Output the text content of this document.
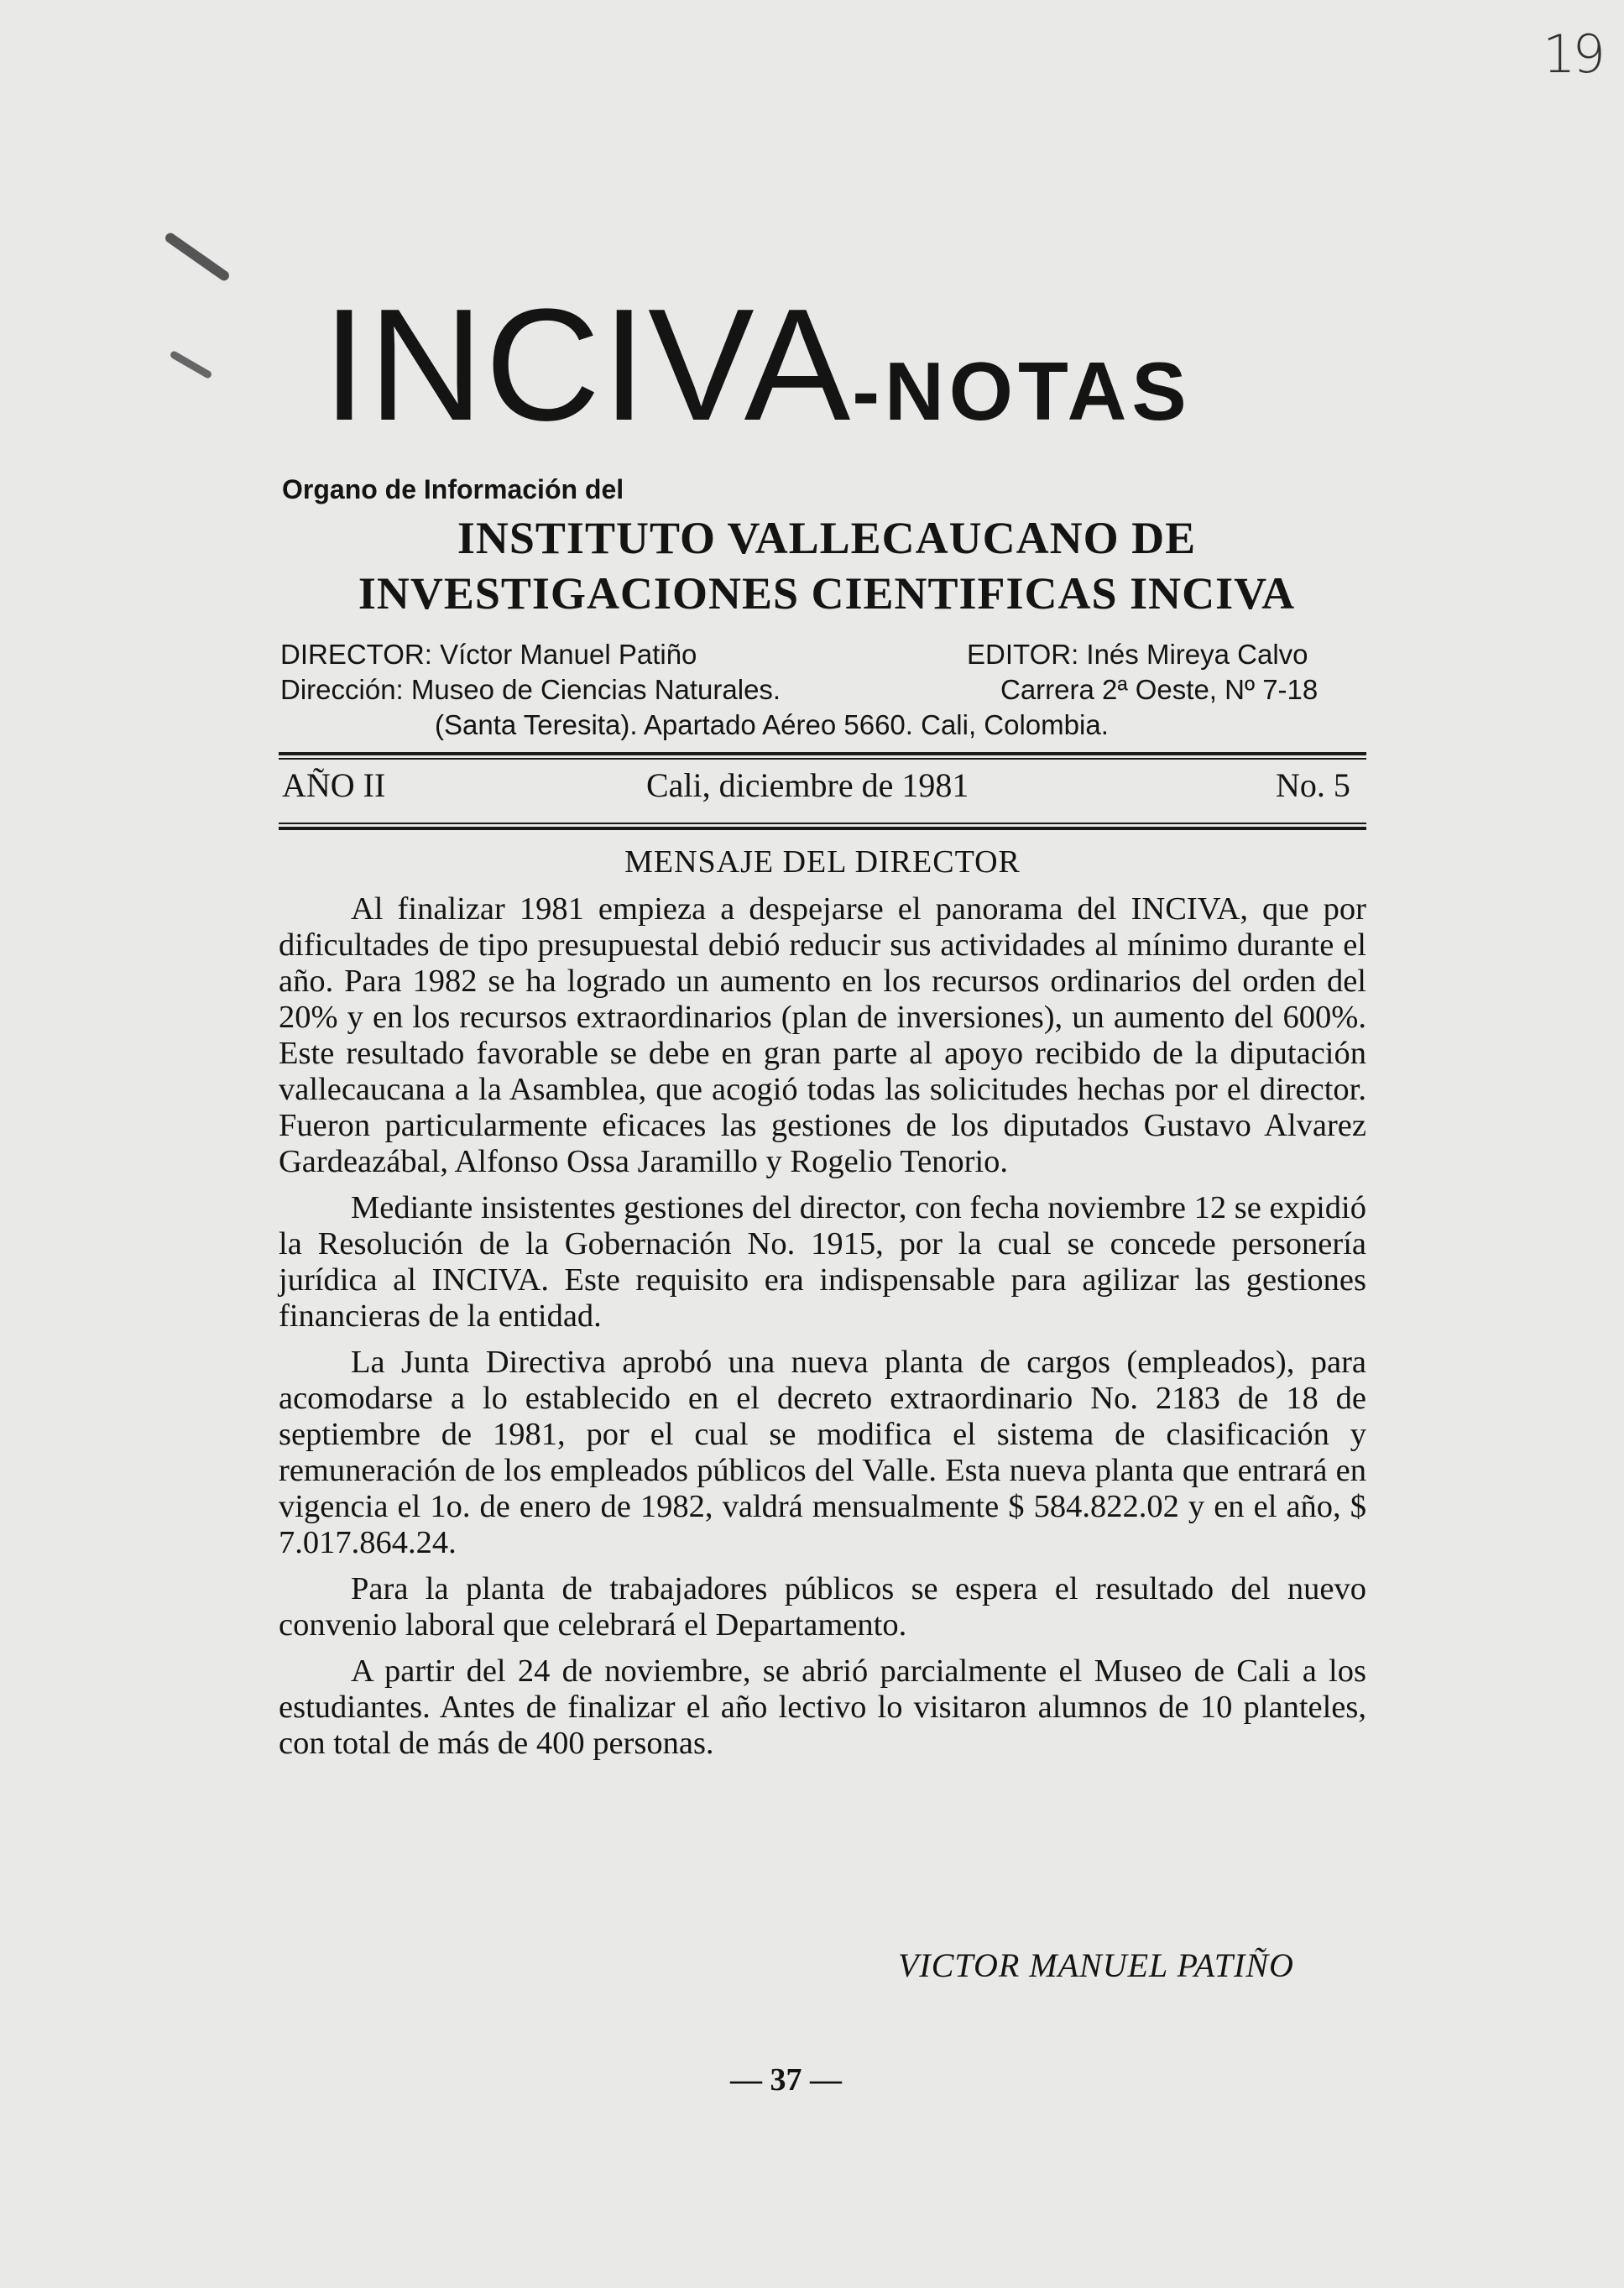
19
INCIVA-NOTAS
Organo de Información del
INSTITUTO VALLECAUCANO DE
INVESTIGACIONES CIENTIFICAS INCIVA
DIRECTOR: Víctor Manuel Patiño	EDITOR: Inés Mireya Calvo
Dirección: Museo de Ciencias Naturales.	Carrera 2ª Oeste, Nº 7-18
(Santa Teresita). Apartado Aéreo 5660. Cali, Colombia.
AÑO II	Cali, diciembre de 1981	No. 5
MENSAJE DEL DIRECTOR

Al finalizar 1981 empieza a despejarse el panorama del INCIVA, que por dificultades de tipo presupuestal debió reducir sus actividades al mínimo durante el año. Para 1982 se ha logrado un aumento en los recursos ordinarios del orden del 20% y en los recursos extraordinarios (plan de inversiones), un aumento del 600%. Este resultado favorable se debe en gran parte al apoyo recibido de la diputación vallecaucana a la Asamblea, que acogió todas las solicitudes hechas por el director. Fueron particularmente eficaces las gestiones de los diputados Gustavo Alvarez Gardeazábal, Alfonso Ossa Jaramillo y Rogelio Tenorio.

Mediante insistentes gestiones del director, con fecha noviembre 12 se expidió la Resolución de la Gobernación No. 1915, por la cual se concede personería jurídica al INCIVA. Este requisito era indispensable para agilizar las gestiones financieras de la entidad.

La Junta Directiva aprobó una nueva planta de cargos (empleados), para acomodarse a lo establecido en el decreto extraordinario No. 2183 de 18 de septiembre de 1981, por el cual se modifica el sistema de clasificación y remuneración de los empleados públicos del Valle. Esta nueva planta que entrará en vigencia el 1o. de enero de 1982, valdrá mensualmente $ 584.822.02 y en el año, $ 7.017.864.24.

Para la planta de trabajadores públicos se espera el resultado del nuevo convenio laboral que celebrará el Departamento.

A partir del 24 de noviembre, se abrió parcialmente el Museo de Cali a los estudiantes. Antes de finalizar el año lectivo lo visitaron alumnos de 10 planteles, con total de más de 400 personas.

VICTOR MANUEL PATIÑO
— 37 —
